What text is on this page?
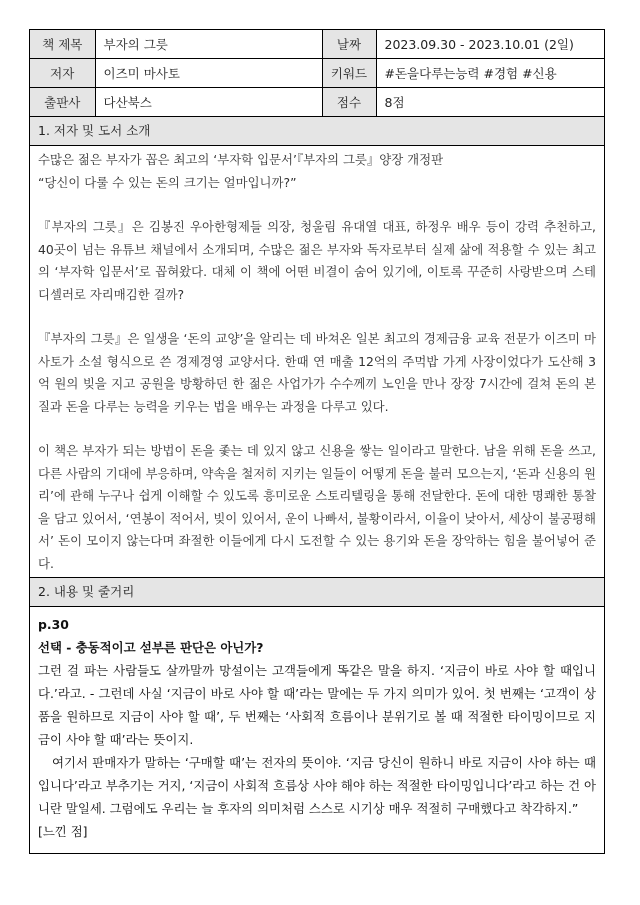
책 제목	부자의 그릇	날짜	2023.09.30 - 2023.10.01 (2일)
저자	이즈미 마사토	키워드	#돈을다루는능력 #경험 #신용
출판사	다산북스	점수	8점
1. 저자 및 도서 소개

수많은 젊은 부자가 꼽은 최고의 ‘부자학 입문서’『부자의 그릇』양장 개정판

“당신이 다룰 수 있는 돈의 크기는 얼마입니까?”

『부자의 그릇』은 김봉진 우아한형제들 의장, 청울림 유대열 대표, 하정우 배우 등이 강력 추천하고, 40곳이 넘는 유튜브 채널에서 소개되며, 수많은 젊은 부자와 독자로부터 실제 삶에 적용할 수 있는 최고의 ‘부자학 입문서’로 꼽혀왔다. 대체 이 책에 어떤 비결이 숨어 있기에, 이토록 꾸준히 사랑받으며 스테디셀러로 자리매김한 걸까?

『부자의 그릇』은 일생을 ‘돈의 교양’을 알리는 데 바쳐온 일본 최고의 경제금융 교육 전문가 이즈미 마사토가 소설 형식으로 쓴 경제경영 교양서다. 한때 연 매출 12억의 주먹밥 가게 사장이었다가 도산해 3억 원의 빚을 지고 공원을 방황하던 한 젊은 사업가가 수수께끼 노인을 만나 장장 7시간에 걸쳐 돈의 본질과 돈을 다루는 능력을 키우는 법을 배우는 과정을 다루고 있다.

이 책은 부자가 되는 방법이 돈을 좇는 데 있지 않고 신용을 쌓는 일이라고 말한다. 남을 위해 돈을 쓰고, 다른 사람의 기대에 부응하며, 약속을 철저히 지키는 일들이 어떻게 돈을 불러 모으는지, ‘돈과 신용의 원리’에 관해 누구나 쉽게 이해할 수 있도록 흥미로운 스토리텔링을 통해 전달한다. 돈에 대한 명쾌한 통찰을 담고 있어서, ‘연봉이 적어서, 빚이 있어서, 운이 나빠서, 불황이라서, 이율이 낮아서, 세상이 불공평해서’ 돈이 모이지 않는다며 좌절한 이들에게 다시 도전할 수 있는 용기와 돈을 장악하는 힘을 불어넣어 준다.

2. 내용 및 줄거리

p.30

선택 - 충동적이고 섣부른 판단은 아닌가?

그런 걸 파는 사람들도 살까말까 망설이는 고객들에게 똑같은 말을 하지. ‘지금이 바로 사야 할 때입니다.’라고. - 그런데 사실 ‘지금이 바로 사야 할 때’라는 말에는 두 가지 의미가 있어. 첫 번째는 ‘고객이 상품을 원하므로 지금이 사야 할 때’, 두 번째는 ‘사회적 흐름이나 분위기로 볼 때 적절한 타이밍이므로 지금이 사야 할 때’라는 뜻이지.

여기서 판매자가 말하는 ‘구매할 때’는 전자의 뜻이야. ‘지금 당신이 원하니 바로 지금이 사야 하는 때입니다’라고 부추기는 거지, ‘지금이 사회적 흐름상 사야 해야 하는 적절한 타이밍입니다’라고 하는 건 아니란 말일세. 그럼에도 우리는 늘 후자의 의미처럼 스스로 시기상 매우 적절히 구매했다고 착각하지.”

[느낀 점]
